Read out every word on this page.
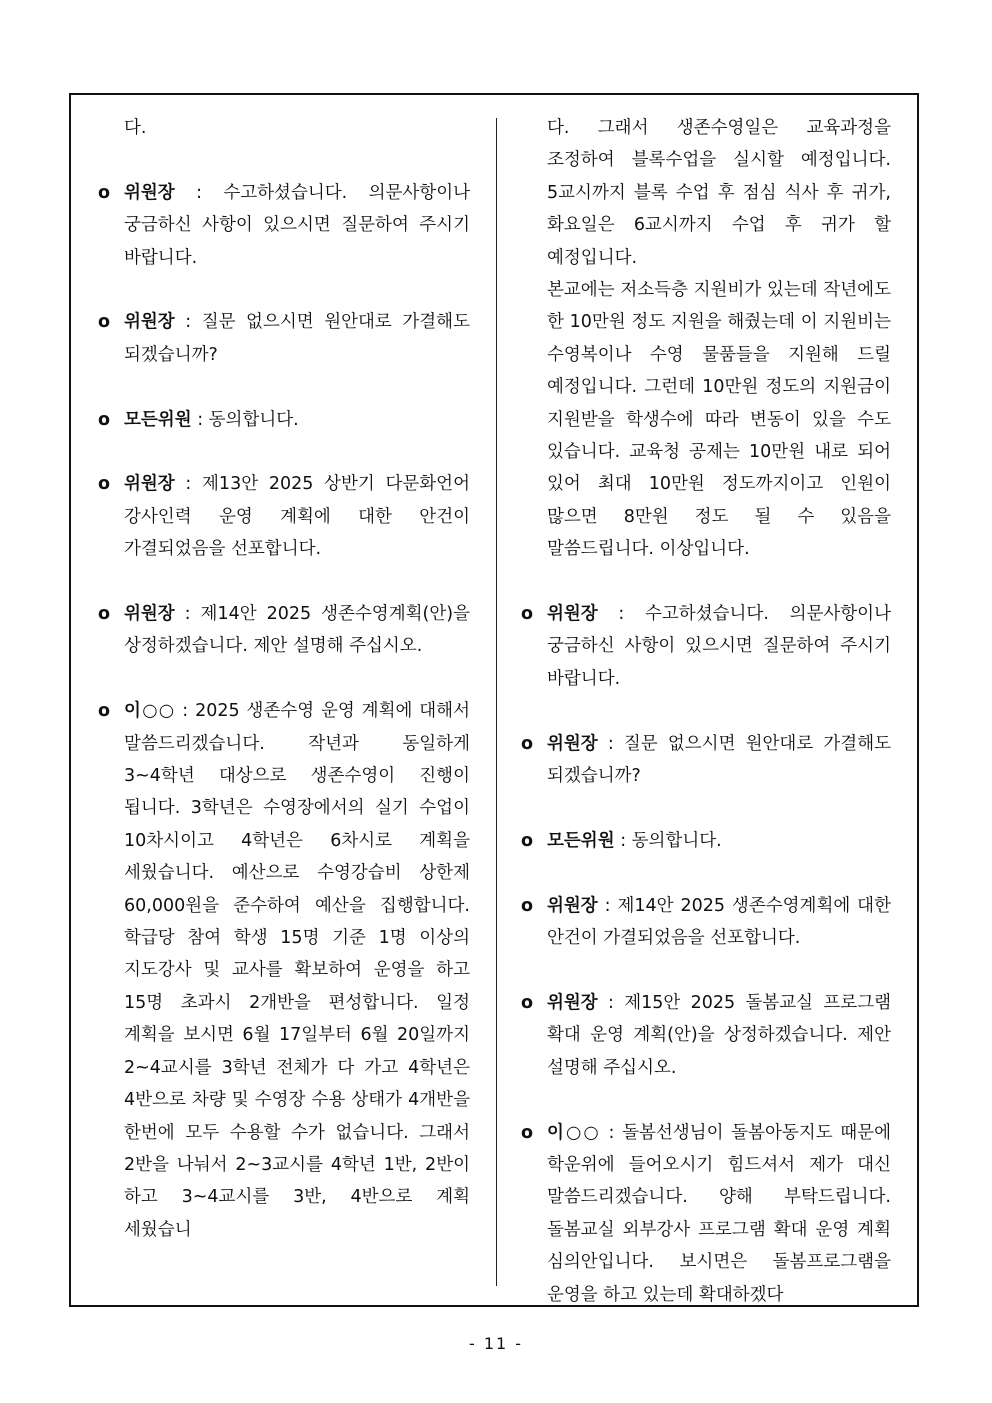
다.
o 위원장 : 수고하셨습니다. 의문사항이나 궁금하신 사항이 있으시면 질문하여 주시기 바랍니다.
o 위원장 : 질문 없으시면 원안대로 가결해도 되겠습니까?
o 모든위원 : 동의합니다.
o 위원장 : 제13안 2025 상반기 다문화언어 강사인력 운영 계획에 대한 안건이 가결되었음을 선포합니다.
o 위원장 : 제14안 2025 생존수영계획(안)을 상정하겠습니다. 제안 설명해 주십시오.
o 이○○ : 2025 생존수영 운영 계획에 대해서 말씀드리겠습니다. 작년과 동일하게 3~4학년 대상으로 생존수영이 진행이 됩니다. 3학년은 수영장에서의 실기 수업이 10차시이고 4학년은 6차시로 계획을 세웠습니다. 예산으로 수영강습비 상한제 60,000원을 준수하여 예산을 집행합니다. 학급당 참여 학생 15명 기준 1명 이상의 지도강사 및 교사를 확보하여 운영을 하고 15명 초과시 2개반을 편성합니다. 일정 계획을 보시면 6월 17일부터 6월 20일까지 2~4교시를 3학년 전체가 다 가고 4학년은 4반으로 차량 및 수영장 수용 상태가 4개반을 한번에 모두 수용할 수가 없습니다. 그래서 2반을 나눠서 2~3교시를 4학년 1반, 2반이 하고 3~4교시를 3반, 4반으로 계획 세웠습니
다. 그래서 생존수영일은 교육과정을 조정하여 블록수업을 실시할 예정입니다. 5교시까지 블록 수업 후 점심 식사 후 귀가, 화요일은 6교시까지 수업 후 귀가 할 예정입니다.
본교에는 저소득층 지원비가 있는데 작년에도 한 10만원 정도 지원을 해줬는데 이 지원비는 수영복이나 수영 물품들을 지원해 드릴 예정입니다. 그런데 10만원 정도의 지원금이 지원받을 학생수에 따라 변동이 있을 수도 있습니다. 교육청 공제는 10만원 내로 되어 있어 최대 10만원 정도까지이고 인원이 많으면 8만원 정도 될 수 있음을 말씀드립니다. 이상입니다.
o 위원장 : 수고하셨습니다. 의문사항이나 궁금하신 사항이 있으시면 질문하여 주시기 바랍니다.
o 위원장 : 질문 없으시면 원안대로 가결해도 되겠습니까?
o 모든위원 : 동의합니다.
o 위원장 : 제14안 2025 생존수영계획에 대한 안건이 가결되었음을 선포합니다.
o 위원장 : 제15안 2025 돌봄교실 프로그램 확대 운영 계획(안)을 상정하겠습니다. 제안 설명해 주십시오.
o 이○○ : 돌봄선생님이 돌봄아동지도 때문에 학운위에 들어오시기 힘드셔서 제가 대신 말씀드리겠습니다. 양해 부탁드립니다. 돌봄교실 외부강사 프로그램 확대 운영 계획 심의안입니다. 보시면은 돌봄프로그램을 운영을 하고 있는데 확대하겠다
- 11 -
